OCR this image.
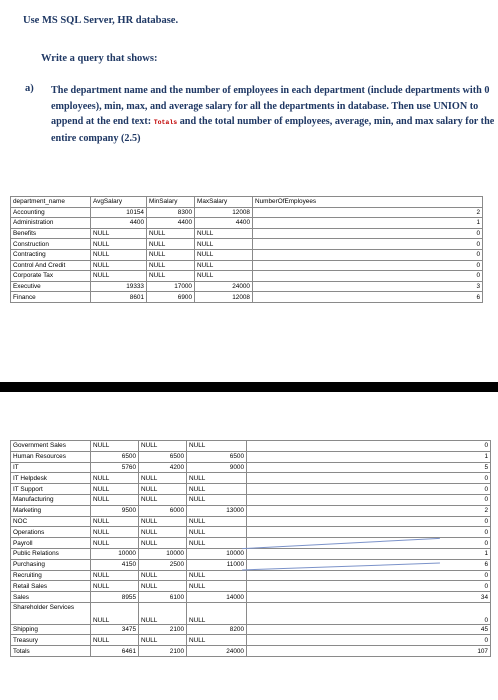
Use MS SQL Server, HR database.
Write a query that shows:
a) The department name and the number of employees in each department (include departments with 0 employees), min, max, and average salary for all the departments in database. Then use UNION to append at the end text: Totals and the total number of employees, average, min, and max salary for the entire company (2.5)
department_name	AvgSalary	MinSalary	MaxSalary	NumberOfEmployees
Accounting	10154	8300	12008	2
Administration	4400	4400	4400	1
Benefits	NULL	NULL	NULL	0
Construction	NULL	NULL	NULL	0
Contracting	NULL	NULL	NULL	0
Control And Credit	NULL	NULL	NULL	0
Corporate Tax	NULL	NULL	NULL	0
Executive	19333	17000	24000	3
Finance	8601	6900	12008	6
Government Sales	NULL	NULL	NULL	0
Human Resources	6500	6500	6500	1
IT	5760	4200	9000	5
IT Helpdesk	NULL	NULL	NULL	0
IT Support	NULL	NULL	NULL	0
Manufacturing	NULL	NULL	NULL	0
Marketing	9500	6000	13000	2
NOC	NULL	NULL	NULL	0
Operations	NULL	NULL	NULL	0
Payroll	NULL	NULL	NULL	0
Public Relations	10000	10000	10000	1
Purchasing	4150	2500	11000	6
Recruiting	NULL	NULL	NULL	0
Retail Sales	NULL	NULL	NULL	0
Sales	8955	6100	14000	34
Shareholder Services	NULL	NULL	NULL	0
Shipping	3475	2100	8200	45
Treasury	NULL	NULL	NULL	0
Totals	6461	2100	24000	107
